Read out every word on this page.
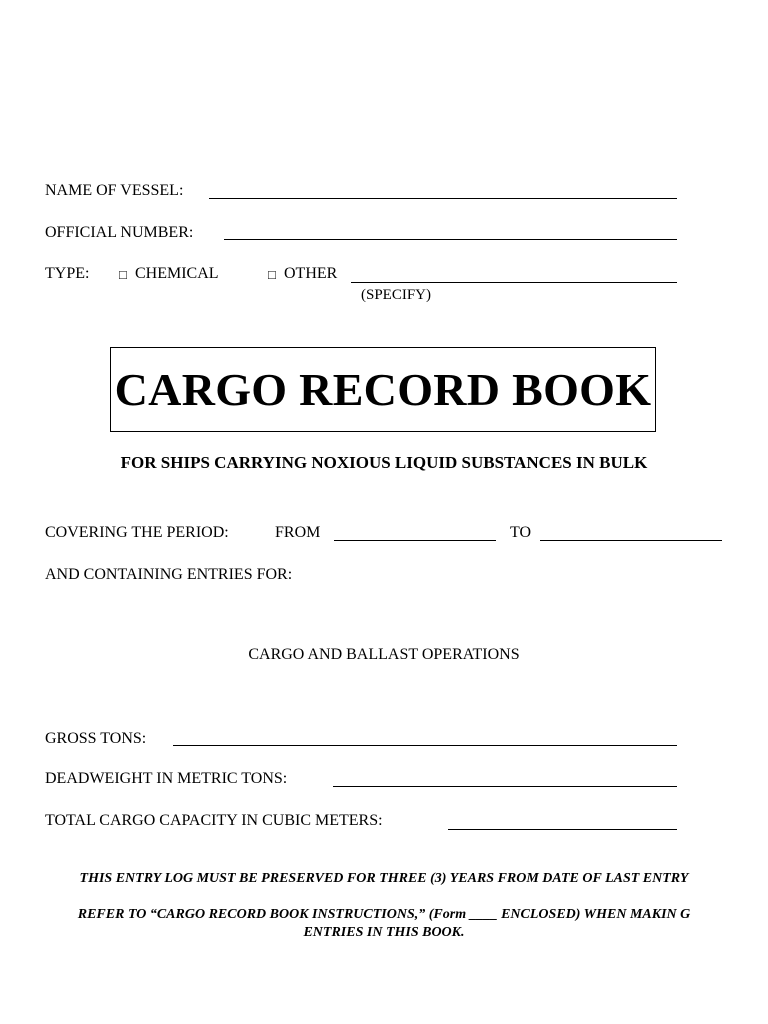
NAME OF VESSEL:
OFFICIAL NUMBER:
TYPE: □ CHEMICAL	□ OTHER
(SPECIFY)
CARGO RECORD BOOK
FOR SHIPS CARRYING NOXIOUS LIQUID SUBSTANCES IN BULK
COVERING THE PERIOD:	FROM	TO
AND CONTAINING ENTRIES FOR:
CARGO AND BALLAST OPERATIONS
GROSS TONS:
DEADWEIGHT IN METRIC TONS:
TOTAL CARGO CAPACITY IN CUBIC METERS:
THIS ENTRY LOG MUST BE PRESERVED FOR THREE (3) YEARS FROM DATE OF LAST ENTRY
REFER TO “CARGO RECORD BOOK INSTRUCTIONS,” (Form ____ ENCLOSED) WHEN MAKIN G
ENTRIES IN THIS BOOK.
